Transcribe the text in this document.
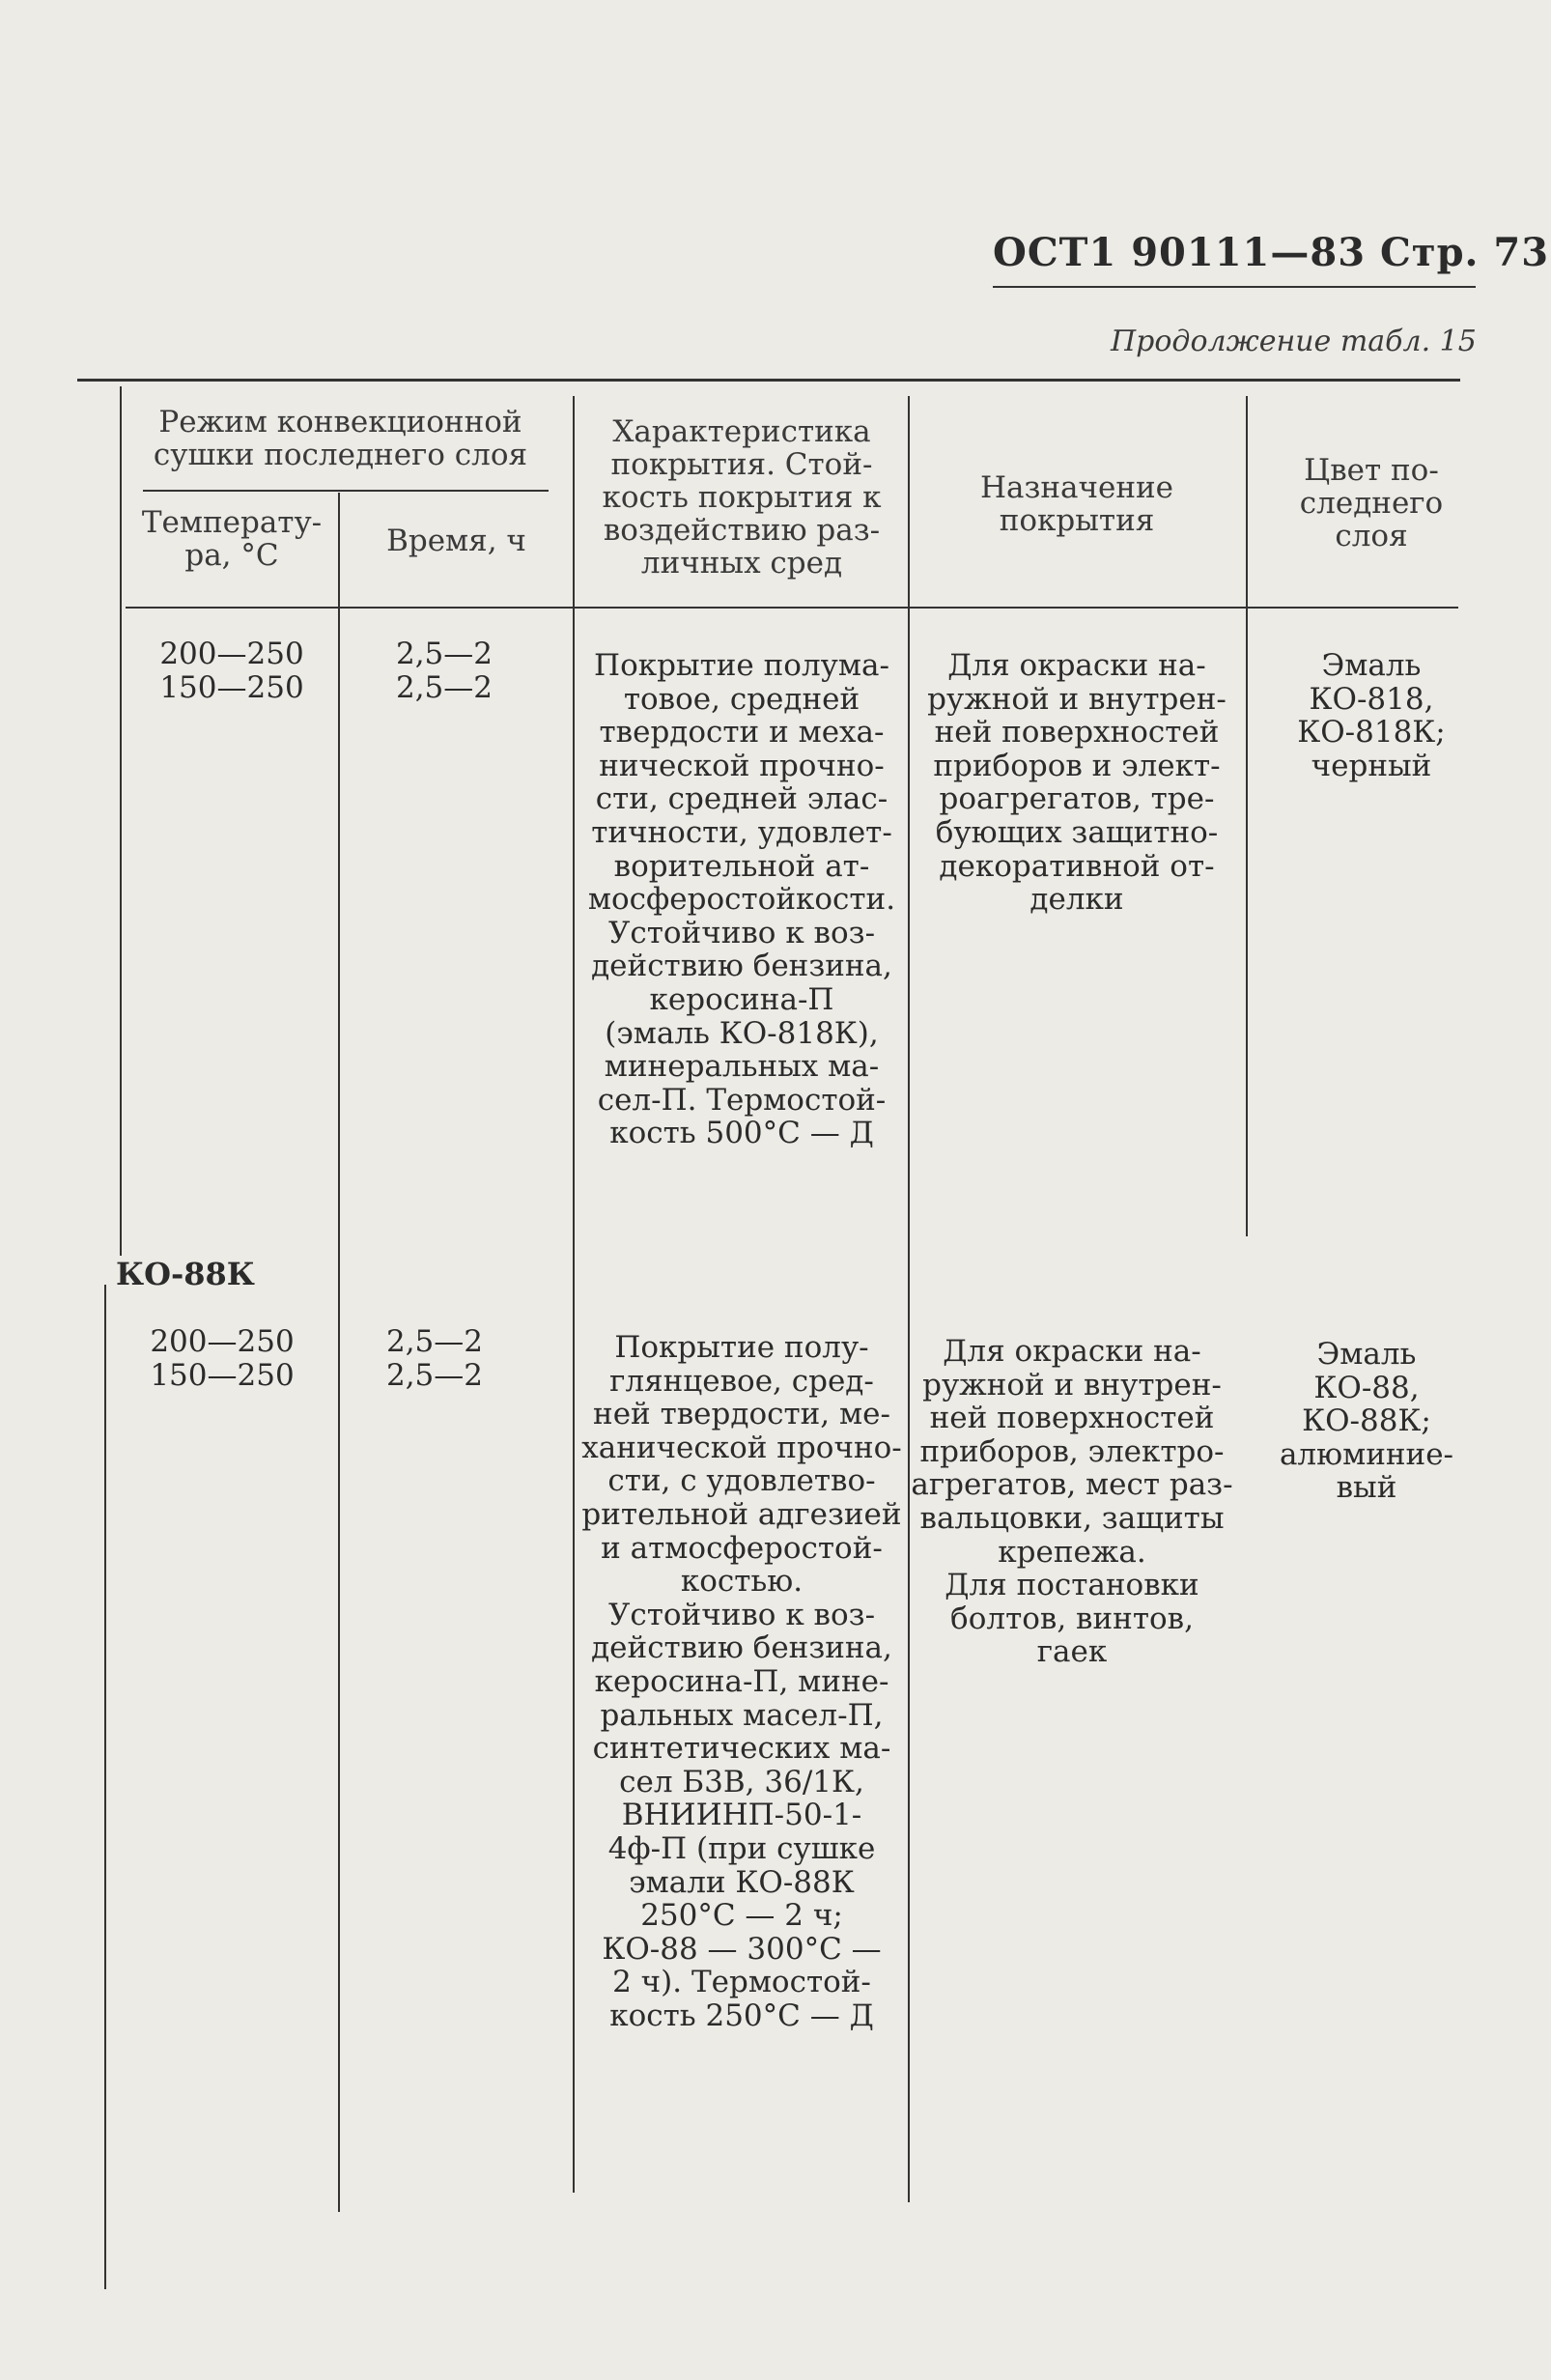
ОСТ1 90111—83 Стр. 73
Продолжение табл. 15
Режим конвекционной
сушки последнего слоя
Температу-
ра, °С	Время, ч
Характеристика
покрытия. Стой-
кость покрытия к
воздействию раз-
личных сред
Назначение
покрытия
Цвет по-
следнего
слоя
200—250
150—250
2,5—2
2,5—2
Покрытие полума-
товое, средней
твердости и меха-
нической прочно-
сти, средней элас-
тичности, удовлет-
ворительной ат-
мосферостойкости.
Устойчиво к воз-
действию бензина,
керосина-П
(эмаль КО-818К),
минеральных ма-
сел-П. Термостой-
кость 500°С — Д
Для окраски на-
ружной и внутрен-
ней поверхностей
приборов и элект-
роагрегатов, тре-
бующих защитно-
декоративной от-
делки
Эмаль
КО-818,
КО-818К;
черный
КО-88К
200—250
150—250
2,5—2
2,5—2
Покрытие полу-
глянцевое, сред-
ней твердости, ме-
ханической прочно-
сти, с удовлетво-
рительной адгезией
и атмосферостой-
костью.
Устойчиво к воз-
действию бензина,
керосина-П, мине-
ральных масел-П,
синтетических ма-
сел Б3В, 36/1К,
ВНИИНП-50-1-
4ф-П (при сушке
эмали КО-88К
250°С — 2 ч;
КО-88 — 300°С —
2 ч). Термостой-
кость 250°С — Д
Для окраски на-
ружной и внутрен-
ней поверхностей
приборов, электро-
агрегатов, мест раз-
вальцовки, защиты
крепежа.
Для постановки
болтов, винтов,
гаек
Эмаль
КО-88,
КО-88К;
алюминие-
вый
